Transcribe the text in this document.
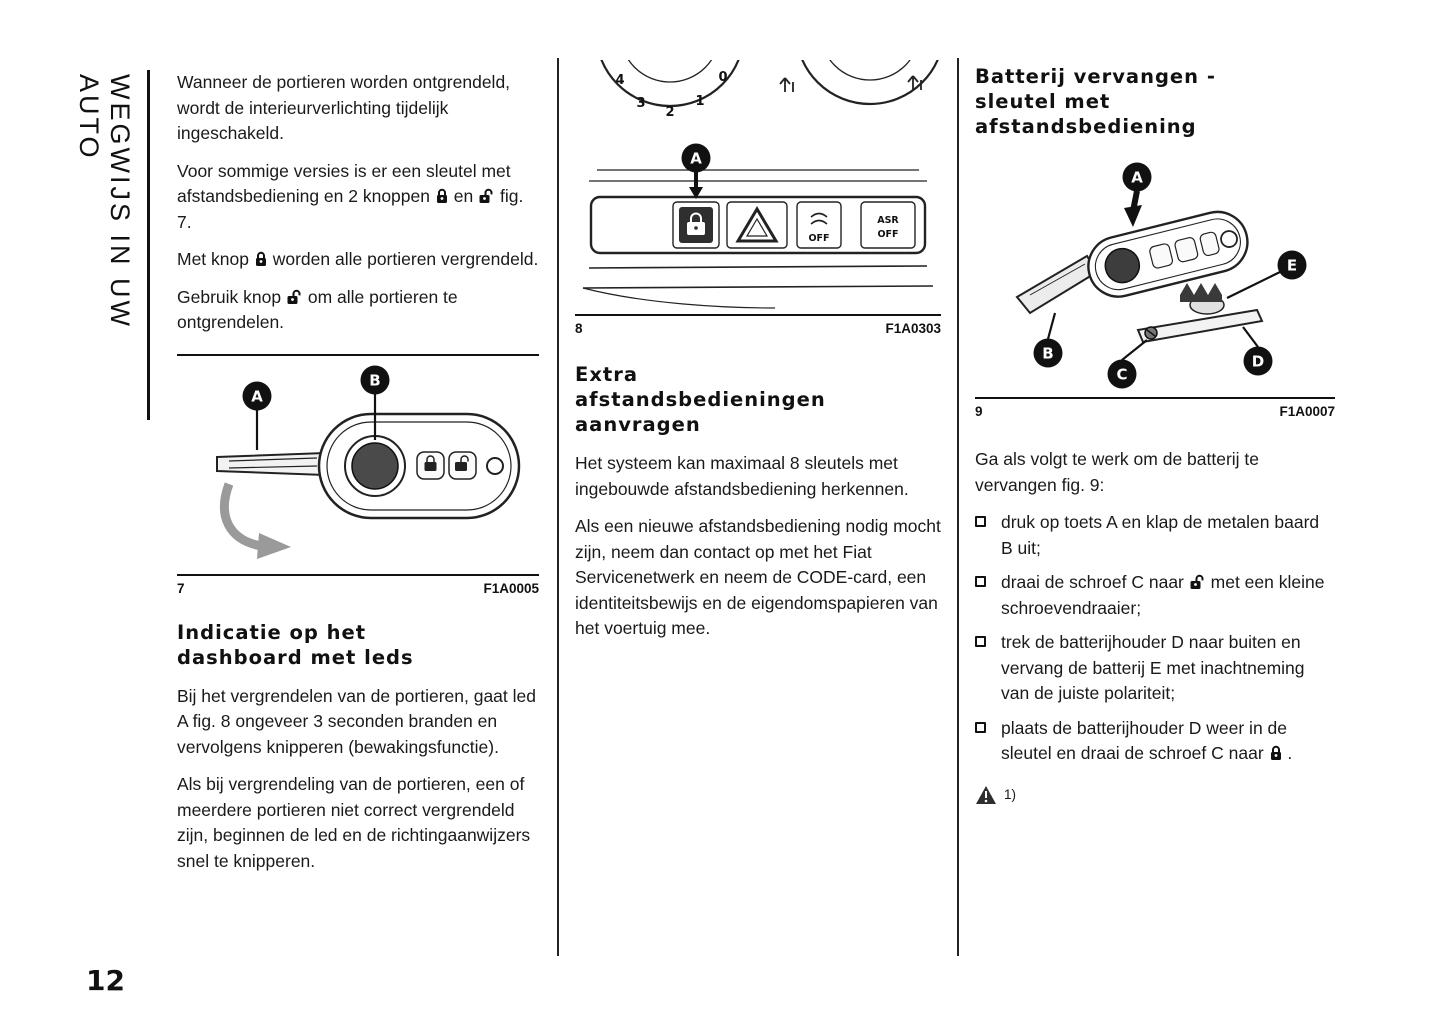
WEGWIJS IN UW AUTO	Wanneer de portieren worden ontgrendeld, wordt de interieurverlichting tijdelijk ingeschakeld.

Voor sommige versies is er een sleutel met afstandsbediening en 2 knoppen en fig. 7.

Met knop worden alle portieren vergrendeld.

Gebruik knop om alle portieren te ontgrendelen.

A
B
7	F1A0005
Indicatie op het
dashboard met leds

Bij het vergrendelen van de portieren, gaat led A fig. 8 ongeveer 3 seconden branden en vervolgens knipperen (bewakingsfunctie).

Als bij vergrendeling van de portieren, een of meerdere portieren niet correct vergrendeld zijn, beginnen de led en de richtingaanwijzers snel te knipperen.

4
3
2
1
0
OFF
ASR
OFF
A
8	F1A0303
Extra
afstandsbedieningen
aanvragen

Het systeem kan maximaal 8 sleutels met ingebouwde afstandsbediening herkennen.

Als een nieuwe afstandsbediening nodig mocht zijn, neem dan contact op met het Fiat Servicenetwerk en neem de CODE-card, een identiteitsbewijs en de eigendomspapieren van het voertuig mee.

Batterij vervangen -
sleutel met
afstandsbediening
A
E
B
C
D
9	F1A0007

Ga als volgt te werk om de batterij te vervangen fig. 9:

druk op toets A en klap de metalen baard B uit;
draai de schroef C naar met een kleine schroevendraaier;
trek de batterijhouder D naar buiten en vervang de batterij E met inachtneming van de juiste polariteit;
plaats de batterijhouder D weer in de sleutel en draai de schroef C naar .
1)
12
